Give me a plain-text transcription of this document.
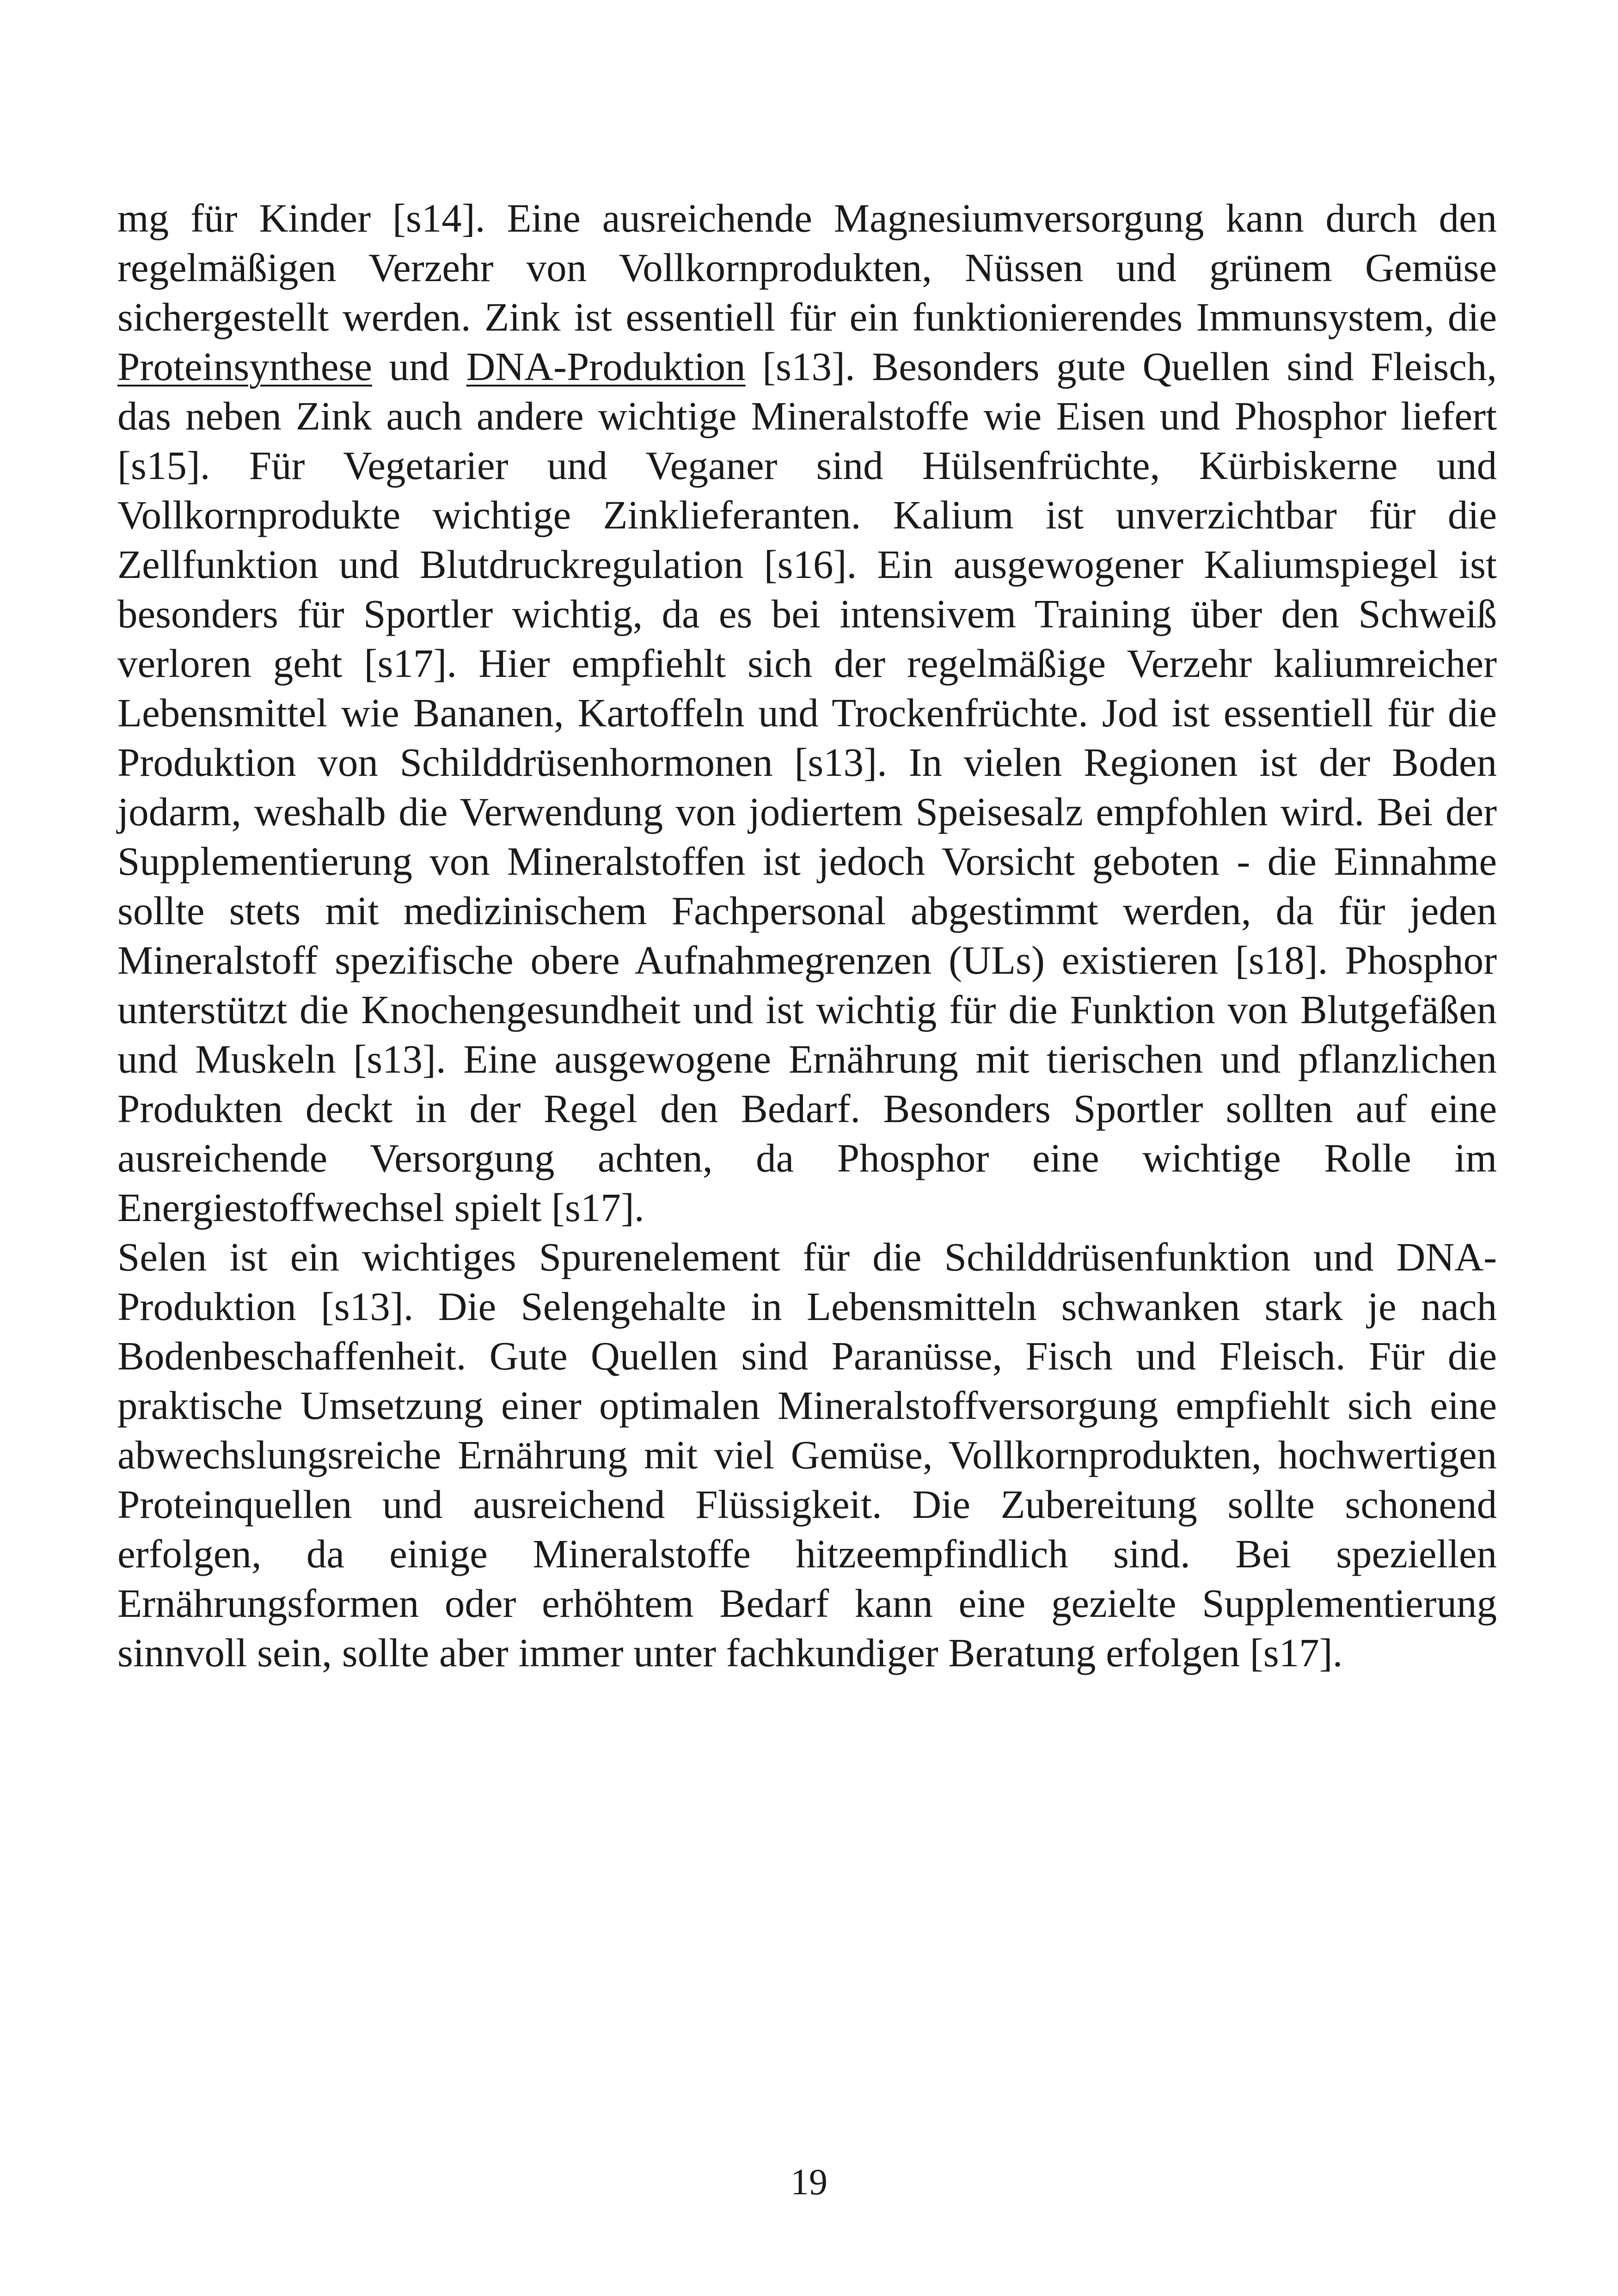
mg für Kinder [s14]. Eine ausreichende Magnesiumversorgung kann durch den regelmäßigen Verzehr von Vollkornprodukten, Nüssen und grünem Gemüse sichergestellt werden. Zink ist essentiell für ein funktionierendes Immunsystem, die Proteinsynthese und DNA-Produktion [s13]. Besonders gute Quellen sind Fleisch, das neben Zink auch andere wichtige Mineralstoffe wie Eisen und Phosphor liefert [s15]. Für Vegetarier und Veganer sind Hülsenfrüchte, Kürbiskerne und Vollkornprodukte wichtige Zinklieferanten. Kalium ist unverzichtbar für die Zellfunktion und Blutdruckregulation [s16]. Ein ausgewogener Kaliumspiegel ist besonders für Sportler wichtig, da es bei intensivem Training über den Schweiß verloren geht [s17]. Hier empfiehlt sich der regelmäßige Verzehr kaliumreicher Lebensmittel wie Bananen, Kartoffeln und Trockenfrüchte. Jod ist essentiell für die Produktion von Schilddrüsenhormonen [s13]. In vielen Regionen ist der Boden jodarm, weshalb die Verwendung von jodiertem Speisesalz empfohlen wird. Bei der Supplementierung von Mineralstoffen ist jedoch Vorsicht geboten - die Einnahme sollte stets mit medizinischem Fachpersonal abgestimmt werden, da für jeden Mineralstoff spezifische obere Aufnahmegrenzen (ULs) existieren [s18]. Phosphor unterstützt die Knochengesundheit und ist wichtig für die Funktion von Blutgefäßen und Muskeln [s13]. Eine ausgewogene Ernährung mit tierischen und pflanzlichen Produkten deckt in der Regel den Bedarf. Besonders Sportler sollten auf eine ausreichende Versorgung achten, da Phosphor eine wichtige Rolle im Energiestoffwechsel spielt [s17].

Selen ist ein wichtiges Spurenelement für die Schilddrüsenfunktion und DNA-Produktion [s13]. Die Selengehalte in Lebensmitteln schwanken stark je nach Bodenbeschaffenheit. Gute Quellen sind Paranüsse, Fisch und Fleisch. Für die praktische Umsetzung einer optimalen Mineralstoffversorgung empfiehlt sich eine abwechslungsreiche Ernährung mit viel Gemüse, Vollkornprodukten, hochwertigen Proteinquellen und ausreichend Flüssigkeit. Die Zubereitung sollte schonend erfolgen, da einige Mineralstoffe hitzeempfindlich sind. Bei speziellen Ernährungsformen oder erhöhtem Bedarf kann eine gezielte Supplementierung sinnvoll sein, sollte aber immer unter fachkundiger Beratung erfolgen [s17].

19
